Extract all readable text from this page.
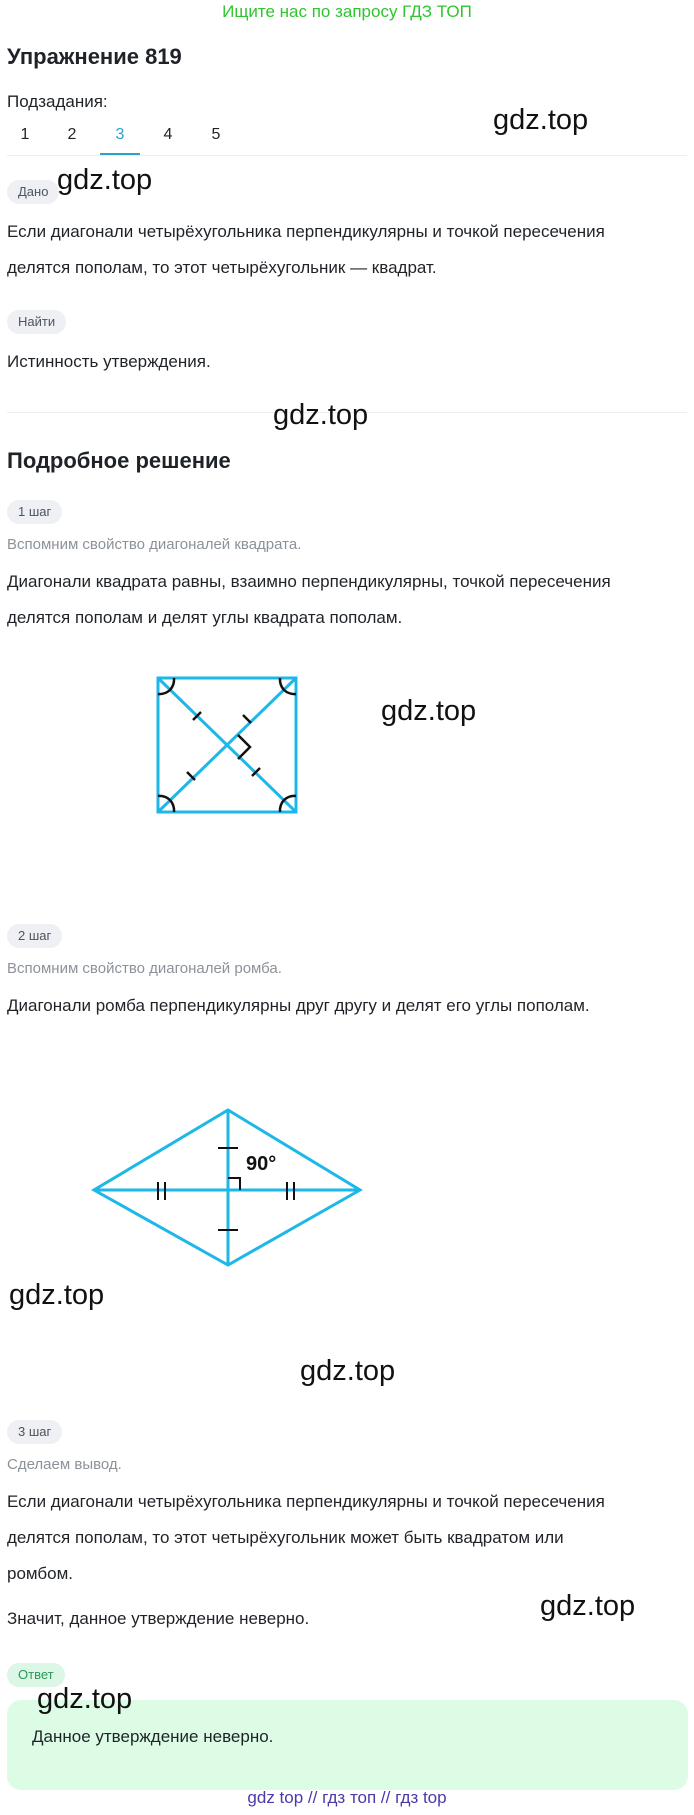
Ищите нас по запросу ГДЗ ТОП
Упражнение 819
Подзадания:
1	2	3	4	5
Дано
Если диагонали четырёхугольника перпендикулярны и точкой пересечения
делятся пополам, то этот четырёхугольник — квадрат.
Найти
Истинность утверждения.
Подробное решение
1 шаг
Вспомним свойство диагоналей квадрата.
Диагонали квадрата равны, взаимно перпендикулярны, точкой пересечения
делятся пополам и делят углы квадрата пополам.
2 шаг
Вспомним свойство диагоналей ромба.
Диагонали ромба перпендикулярны друг другу и делят его углы пополам.
90°
3 шаг
Сделаем вывод.
Если диагонали четырёхугольника перпендикулярны и точкой пересечения
делятся пополам, то этот четырёхугольник может быть квадратом или
ромбом.
Значит, данное утверждение неверно.
Ответ
Данное утверждение неверно.
gdz top // гдз топ // гдз top
gdz.top
gdz.top
gdz.top
gdz.top
gdz.top
gdz.top
gdz.top
gdz.top
